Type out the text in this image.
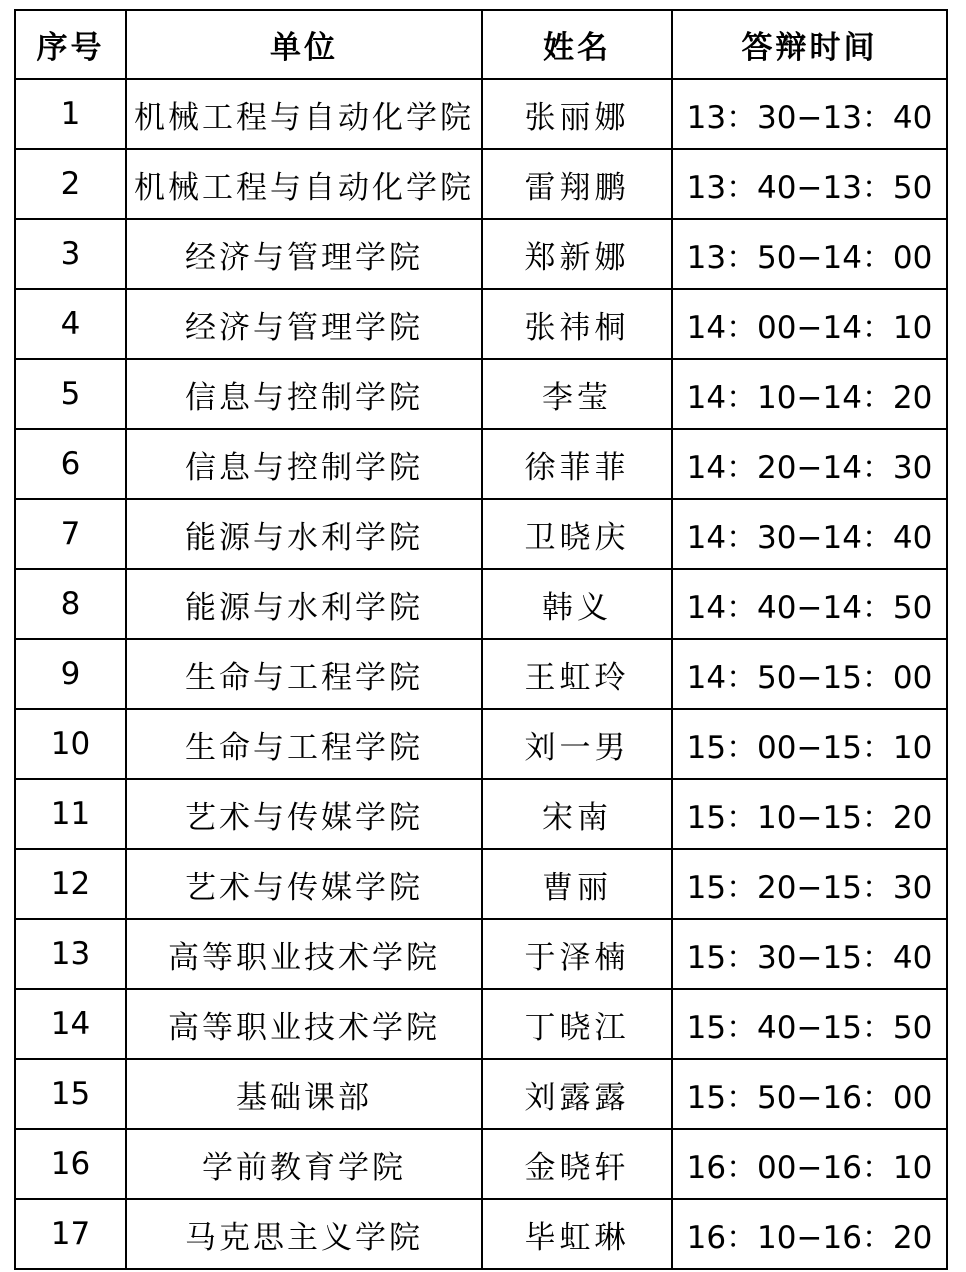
序号	单位	姓名	答辩时间
1	机械工程与自动化学院	张丽娜	13：30−13：40
2	机械工程与自动化学院	雷翔鹏	13：40−13：50
3	经济与管理学院	郑新娜	13：50−14：00
4	经济与管理学院	张祎桐	14：00−14：10
5	信息与控制学院	李莹	14：10−14：20
6	信息与控制学院	徐菲菲	14：20−14：30
7	能源与水利学院	卫晓庆	14：30−14：40
8	能源与水利学院	韩义	14：40−14：50
9	生命与工程学院	王虹玲	14：50−15：00
10	生命与工程学院	刘一男	15：00−15：10
11	艺术与传媒学院	宋南	15：10−15：20
12	艺术与传媒学院	曹丽	15：20−15：30
13	高等职业技术学院	于泽楠	15：30−15：40
14	高等职业技术学院	丁晓江	15：40−15：50
15	基础课部	刘露露	15：50−16：00
16	学前教育学院	金晓轩	16：00−16：10
17	马克思主义学院	毕虹琳	16：10−16：20
